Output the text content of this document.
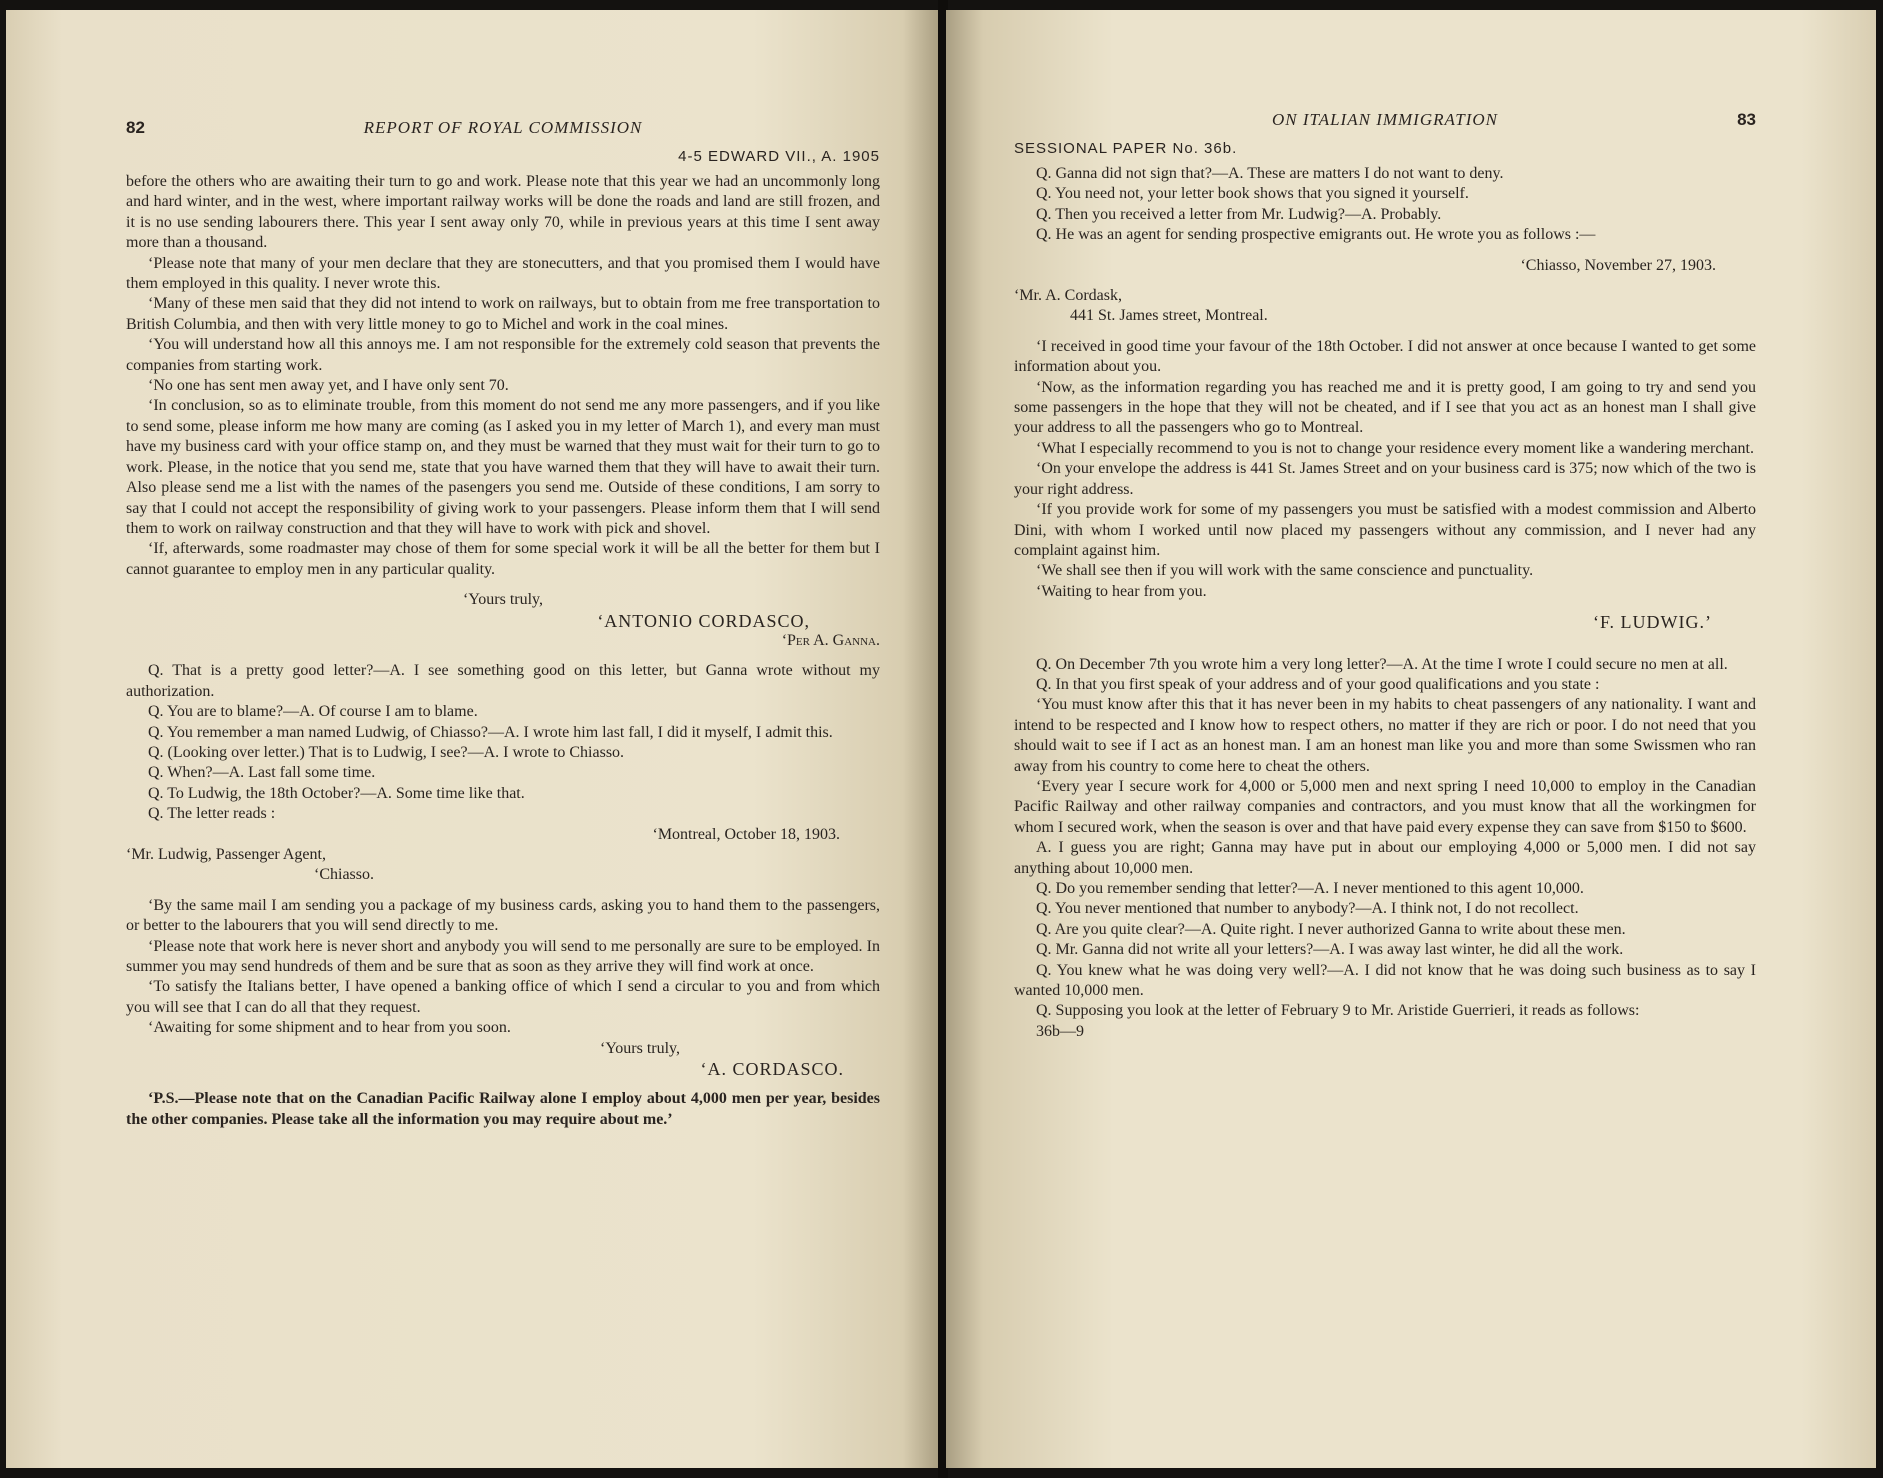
82	REPORT OF ROYAL COMMISSION
4-5 EDWARD VII., A. 1905

before the others who are awaiting their turn to go and work. Please note that this year we had an uncommonly long and hard winter, and in the west, where important railway works will be done the roads and land are still frozen, and it is no use sending labourers there. This year I sent away only 70, while in previous years at this time I sent away more than a thousand.

‘Please note that many of your men declare that they are stonecutters, and that you promised them I would have them employed in this quality. I never wrote this.

‘Many of these men said that they did not intend to work on railways, but to obtain from me free transportation to British Columbia, and then with very little money to go to Michel and work in the coal mines.

‘You will understand how all this annoys me. I am not responsible for the extremely cold season that prevents the companies from starting work.

‘No one has sent men away yet, and I have only sent 70.

‘In conclusion, so as to eliminate trouble, from this moment do not send me any more passengers, and if you like to send some, please inform me how many are coming (as I asked you in my letter of March 1), and every man must have my business card with your office stamp on, and they must be warned that they must wait for their turn to go to work. Please, in the notice that you send me, state that you have warned them that they will have to await their turn. Also please send me a list with the names of the pasengers you send me. Outside of these conditions, I am sorry to say that I could not accept the responsibility of giving work to your passengers. Please inform them that I will send them to work on railway construction and that they will have to work with pick and shovel.

‘If, afterwards, some roadmaster may chose of them for some special work it will be all the better for them but I cannot guarantee to employ men in any particular quality.

‘Yours truly,

‘ANTONIO CORDASCO,

‘Per A. Ganna.

Q. That is a pretty good letter?—A. I see something good on this letter, but Ganna wrote without my authorization.

Q. You are to blame?—A. Of course I am to blame.

Q. You remember a man named Ludwig, of Chiasso?—A. I wrote him last fall, I did it myself, I admit this.

Q. (Looking over letter.) That is to Ludwig, I see?—A. I wrote to Chiasso.

Q. When?—A. Last fall some time.

Q. To Ludwig, the 18th October?—A. Some time like that.

Q. The letter reads :

‘Montreal, October 18, 1903.

‘Mr. Ludwig, Passenger Agent,

‘Chiasso.

‘By the same mail I am sending you a package of my business cards, asking you to hand them to the passengers, or better to the labourers that you will send directly to me.

‘Please note that work here is never short and anybody you will send to me personally are sure to be employed. In summer you may send hundreds of them and be sure that as soon as they arrive they will find work at once.

‘To satisfy the Italians better, I have opened a banking office of which I send a circular to you and from which you will see that I can do all that they request.

‘Awaiting for some shipment and to hear from you soon.

‘Yours truly,

‘A. CORDASCO.

‘P.S.—Please note that on the Canadian Pacific Railway alone I employ about 4,000 men per year, besides the other companies. Please take all the information you may require about me.’

ON ITALIAN IMMIGRATION	83
SESSIONAL PAPER No. 36b.

Q. Ganna did not sign that?—A. These are matters I do not want to deny.

Q. You need not, your letter book shows that you signed it yourself.

Q. Then you received a letter from Mr. Ludwig?—A. Probably.

Q. He was an agent for sending prospective emigrants out. He wrote you as follows :—

‘Chiasso, November 27, 1903.

‘Mr. A. Cordask,

441 St. James street, Montreal.

‘I received in good time your favour of the 18th October. I did not answer at once because I wanted to get some information about you.

‘Now, as the information regarding you has reached me and it is pretty good, I am going to try and send you some passengers in the hope that they will not be cheated, and if I see that you act as an honest man I shall give your address to all the passengers who go to Montreal.

‘What I especially recommend to you is not to change your residence every moment like a wandering merchant.

‘On your envelope the address is 441 St. James Street and on your business card is 375; now which of the two is your right address.

‘If you provide work for some of my passengers you must be satisfied with a modest commission and Alberto Dini, with whom I worked until now placed my passengers without any commission, and I never had any complaint against him.

‘We shall see then if you will work with the same conscience and punctuality.

‘Waiting to hear from you.

‘F. LUDWIG.’

Q. On December 7th you wrote him a very long letter?—A. At the time I wrote I could secure no men at all.

Q. In that you first speak of your address and of your good qualifications and you state :

‘You must know after this that it has never been in my habits to cheat passengers of any nationality. I want and intend to be respected and I know how to respect others, no matter if they are rich or poor. I do not need that you should wait to see if I act as an honest man. I am an honest man like you and more than some Swissmen who ran away from his country to come here to cheat the others.

‘Every year I secure work for 4,000 or 5,000 men and next spring I need 10,000 to employ in the Canadian Pacific Railway and other railway companies and contractors, and you must know that all the workingmen for whom I secured work, when the season is over and that have paid every expense they can save from $150 to $600.

A. I guess you are right; Ganna may have put in about our employing 4,000 or 5,000 men. I did not say anything about 10,000 men.

Q. Do you remember sending that letter?—A. I never mentioned to this agent 10,000.

Q. You never mentioned that number to anybody?—A. I think not, I do not recollect.

Q. Are you quite clear?—A. Quite right. I never authorized Ganna to write about these men.

Q. Mr. Ganna did not write all your letters?—A. I was away last winter, he did all the work.

Q. You knew what he was doing very well?—A. I did not know that he was doing such business as to say I wanted 10,000 men.

Q. Supposing you look at the letter of February 9 to Mr. Aristide Guerrieri, it reads as follows:

36b—9
